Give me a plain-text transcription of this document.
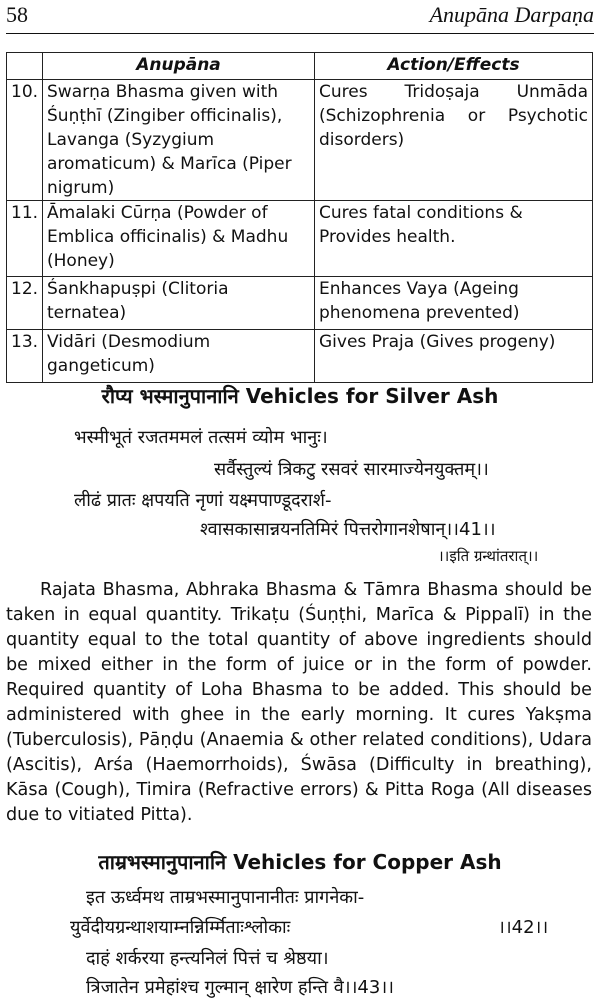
58	Anupāna Darpaṇa
	Anupāna	Action/Effects
10.	Swarṇa Bhasma given with Śuṇṭhī (Zingiber officinalis), Lavanga (Syzygium aromaticum) & Marīca (Piper nigrum)	Cures Tridoṣaja Unmāda (Schizophrenia or Psychotic disorders)
11.	Āmalaki Cūrṇa (Powder of Emblica officinalis) & Madhu (Honey)	Cures fatal conditions & Provides health.
12.	Śankhapuṣpi (Clitoria ternatea)	Enhances Vaya (Ageing phenomena prevented)
13.	Vidāri (Desmodium gangeticum)	Gives Praja (Gives progeny)
रौप्य भस्मानुपानानि Vehicles for Silver Ash
भस्मीभूतं रजतममलं तत्समं व्योम भानुः।
सर्वैस्तुल्यं त्रिकटु रसवरं सारमाज्येनयुक्तम्।।
लीढं प्रातः क्षपयति नृणां यक्ष्मपाण्डूदरार्श-
श्वासकासान्नयनतिमिरं पित्तरोगानशेषान्।।41।।
।।इति ग्रन्थांतरात्।।
Rajata Bhasma, Abhraka Bhasma & Tāmra Bhasma should be taken in equal quantity. Trikaṭu (Śuṇṭhi, Marīca & Pippalī) in the quantity equal to the total quantity of above ingredients should be mixed either in the form of juice or in the form of powder. Required quantity of Loha Bhasma to be added. This should be administered with ghee in the early morning. It cures Yakṣma (Tuberculosis), Pāṇḍu (Anaemia & other related conditions), Udara (Ascitis), Arśa (Haemorrhoids), Śwāsa (Difficulty in breathing), Kāsa (Cough), Timira (Refractive errors) & Pitta Roga (All diseases due to vitiated Pitta).
ताम्रभस्मानुपानानि Vehicles for Copper Ash
इत ऊर्ध्वमथ ताम्रभस्मानुपानानीतः प्रागनेका-
युर्वेदीयग्रन्थाशयाम्नन्निर्म्मिताःश्लोकाः	।।42।।
दाहं शर्करया हन्त्यनिलं पित्तं च श्रेष्ठया।
त्रिजातेन प्रमेहांश्च गुल्मान् क्षारेण हन्ति वै।।43।।
